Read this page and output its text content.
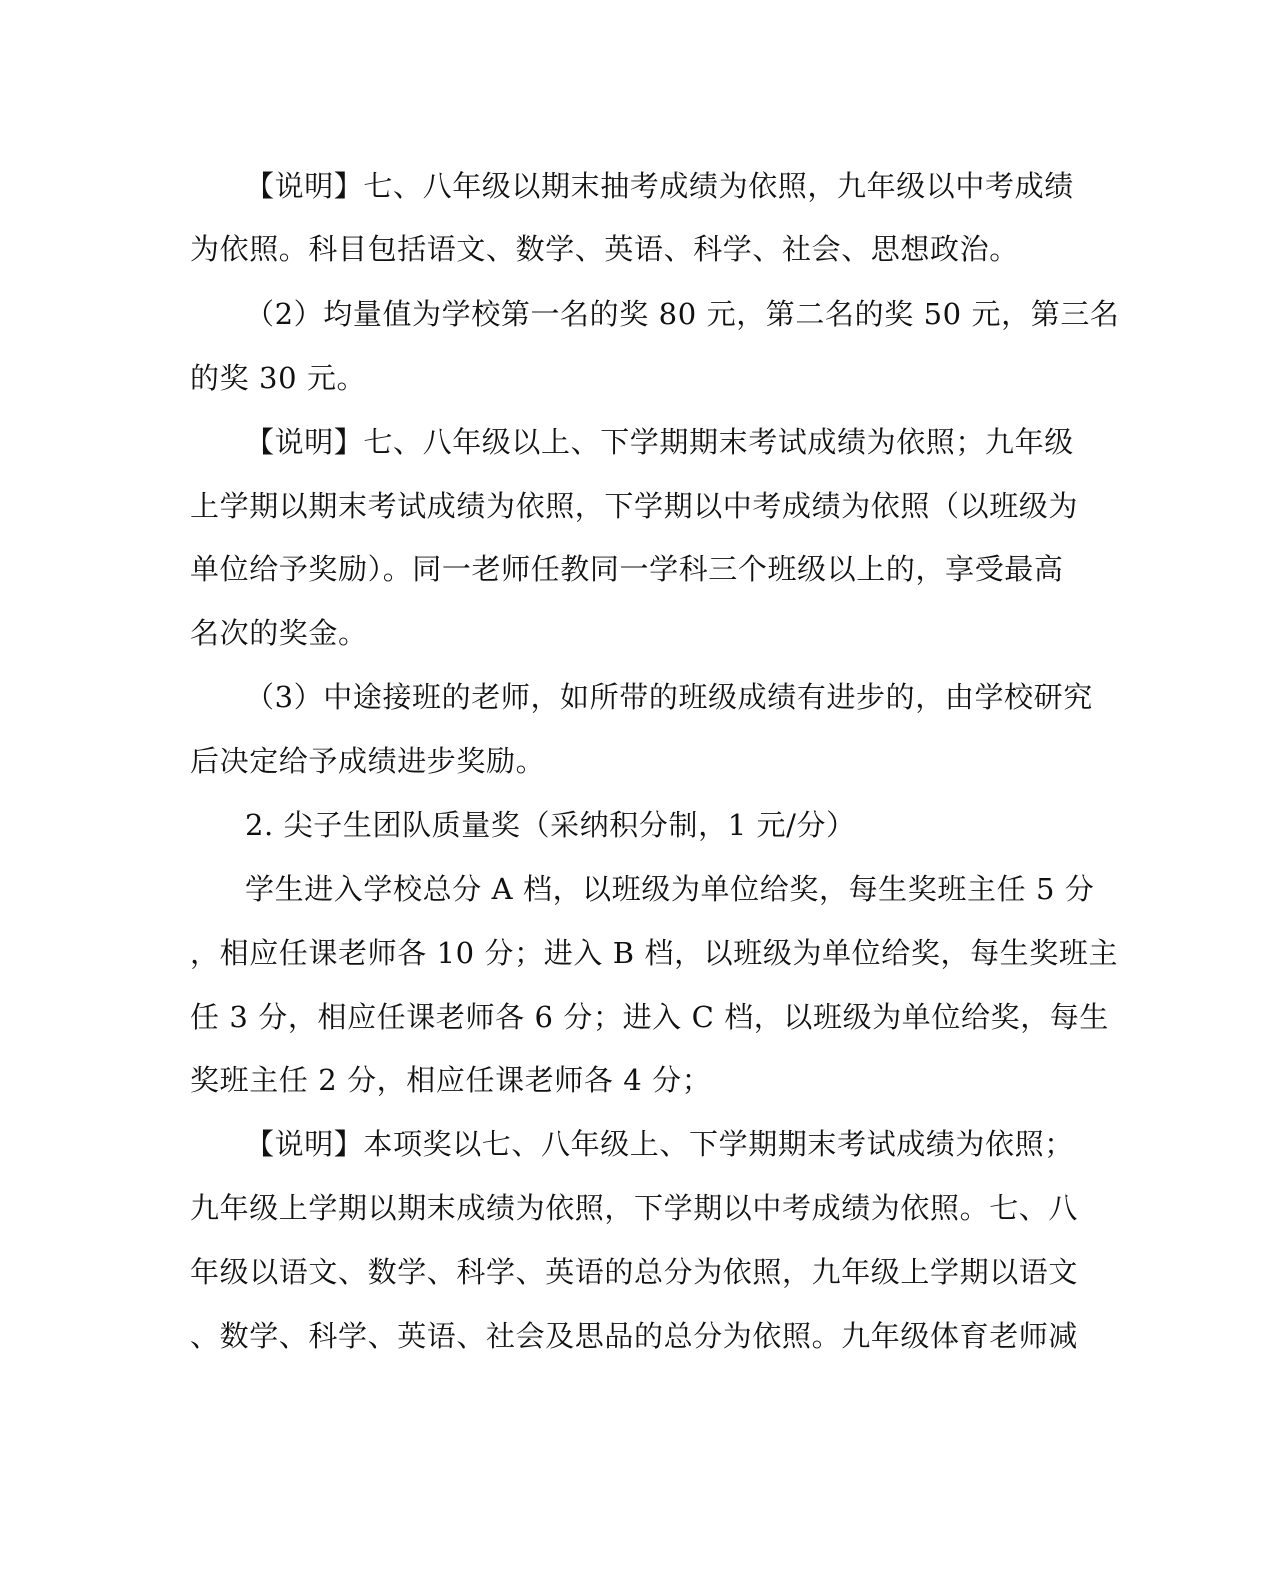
【说明】七、八年级以期末抽考成绩为依照，九年级以中考成绩
为依照。科目包括语文、数学、英语、科学、社会、思想政治。
（2）均量值为学校第一名的奖 80 元，第二名的奖 50 元，第三名
的奖 30 元。
【说明】七、八年级以上、下学期期末考试成绩为依照；九年级
上学期以期末考试成绩为依照，下学期以中考成绩为依照（以班级为
单位给予奖励）。同一老师任教同一学科三个班级以上的，享受最高
名次的奖金。
（3）中途接班的老师，如所带的班级成绩有进步的，由学校研究
后决定给予成绩进步奖励。
2. 尖子生团队质量奖（采纳积分制，1 元/分）
学生进入学校总分 A 档，以班级为单位给奖，每生奖班主任 5 分
，相应任课老师各 10 分；进入 B 档，以班级为单位给奖，每生奖班主
任 3 分，相应任课老师各 6 分；进入 C 档，以班级为单位给奖，每生
奖班主任 2 分，相应任课老师各 4 分；
【说明】本项奖以七、八年级上、下学期期末考试成绩为依照；
九年级上学期以期末成绩为依照，下学期以中考成绩为依照。七、八
年级以语文、数学、科学、英语的总分为依照，九年级上学期以语文
、数学、科学、英语、社会及思品的总分为依照。九年级体育老师减
